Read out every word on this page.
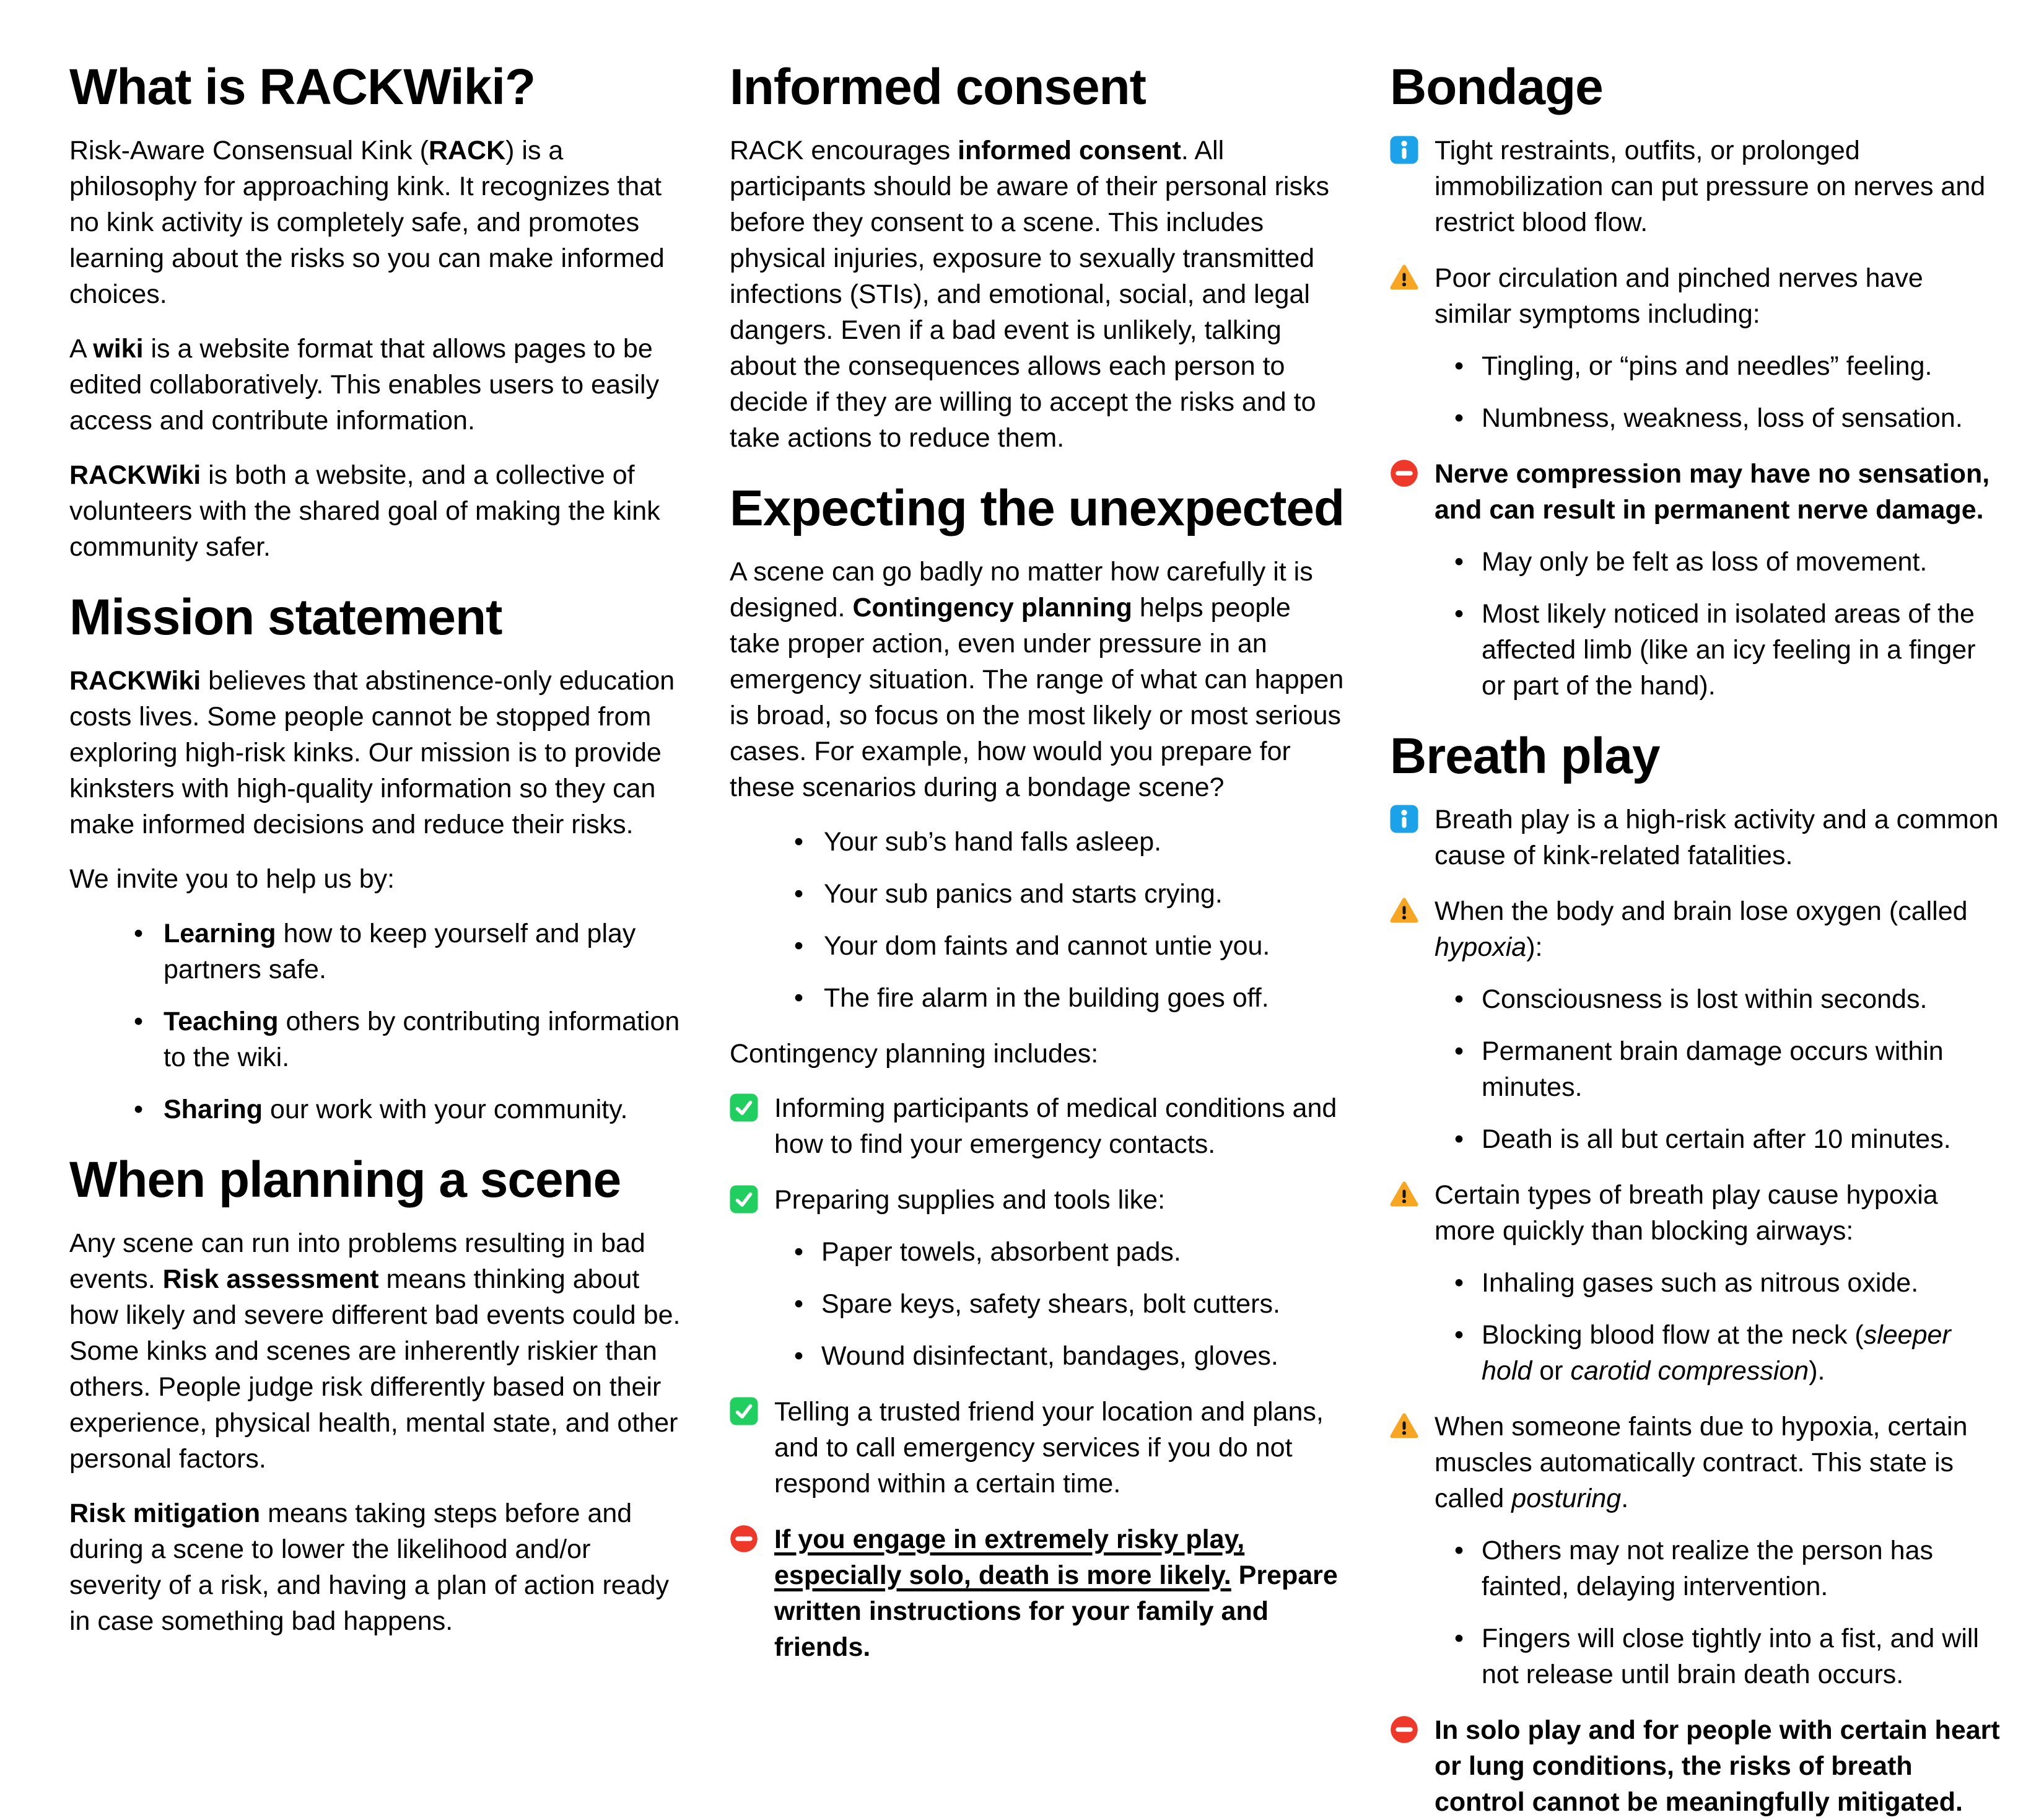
What is RACKWiki?

Risk-Aware Consensual Kink (RACK) is a philosophy for approaching kink. It recognizes that no kink activity is completely safe, and promotes learning about the risks so you can make informed choices.

A wiki is a website format that allows pages to be edited collaboratively. This enables users to easily access and contribute information.

RACKWiki is both a website, and a collective of volunteers with the shared goal of making the kink community safer.

Mission statement

RACKWiki believes that abstinence-only education costs lives. Some people cannot be stopped from exploring high-risk kinks. Our mission is to provide kinksters with high-quality information so they can make informed decisions and reduce their risks.

We invite you to help us by:

• Learning how to keep yourself and play partners safe.
• Teaching others by contributing information to the wiki.
• Sharing our work with your community.
When planning a scene

Any scene can run into problems resulting in bad events. Risk assessment means thinking about how likely and severe different bad events could be. Some kinks and scenes are inherently riskier than others. People judge risk differently based on their experience, physical health, mental state, and other personal factors.

Risk mitigation means taking steps before and during a scene to lower the likelihood and/or severity of a risk, and having a plan of action ready in case something bad happens.

Informed consent

RACK encourages informed consent. All participants should be aware of their personal risks before they consent to a scene. This includes physical injuries, exposure to sexually transmitted infections (STIs), and emotional, social, and legal dangers. Even if a bad event is unlikely, talking about the consequences allows each person to decide if they are willing to accept the risks and to take actions to reduce them.

Expecting the unexpected

A scene can go badly no matter how carefully it is designed. Contingency planning helps people take proper action, even under pressure in an emergency situation. The range of what can happen is broad, so focus on the most likely or most serious cases. For example, how would you prepare for these scenarios during a bondage scene?

• Your sub’s hand falls asleep.
• Your sub panics and starts crying.
• Your dom faints and cannot untie you.
• The fire alarm in the building goes off.

Contingency planning includes:

Informing participants of medical conditions and how to find your emergency contacts.
Preparing supplies and tools like:
• Paper towels, absorbent pads.
• Spare keys, safety shears, bolt cutters.
• Wound disinfectant, bandages, gloves.
Telling a trusted friend your location and plans, and to call emergency services if you do not respond within a certain time.
If you engage in extremely risky play, especially solo, death is more likely. Prepare written instructions for your family and friends.
Bondage
Tight restraints, outfits, or prolonged immobilization can put pressure on nerves and restrict blood flow.
Poor circulation and pinched nerves have similar symptoms including:
• Tingling, or “pins and needles” feeling.
• Numbness, weakness, loss of sensation.
Nerve compression may have no sensation, and can result in permanent nerve damage.
• May only be felt as loss of movement.
• Most likely noticed in isolated areas of the affected limb (like an icy feeling in a finger or part of the hand).
Breath play
Breath play is a high-risk activity and a common cause of kink-related fatalities.
When the body and brain lose oxygen (called hypoxia):
• Consciousness is lost within seconds.
• Permanent brain damage occurs within minutes.
• Death is all but certain after 10 minutes.
Certain types of breath play cause hypoxia more quickly than blocking airways:
• Inhaling gases such as nitrous oxide.
• Blocking blood flow at the neck (sleeper hold or carotid compression).
When someone faints due to hypoxia, certain muscles automatically contract. This state is called posturing.
• Others may not realize the person has fainted, delaying intervention.
• Fingers will close tightly into a fist, and will not release until brain death occurs.
In solo play and for people with certain heart or lung conditions, the risks of breath control cannot be meaningfully mitigated.
